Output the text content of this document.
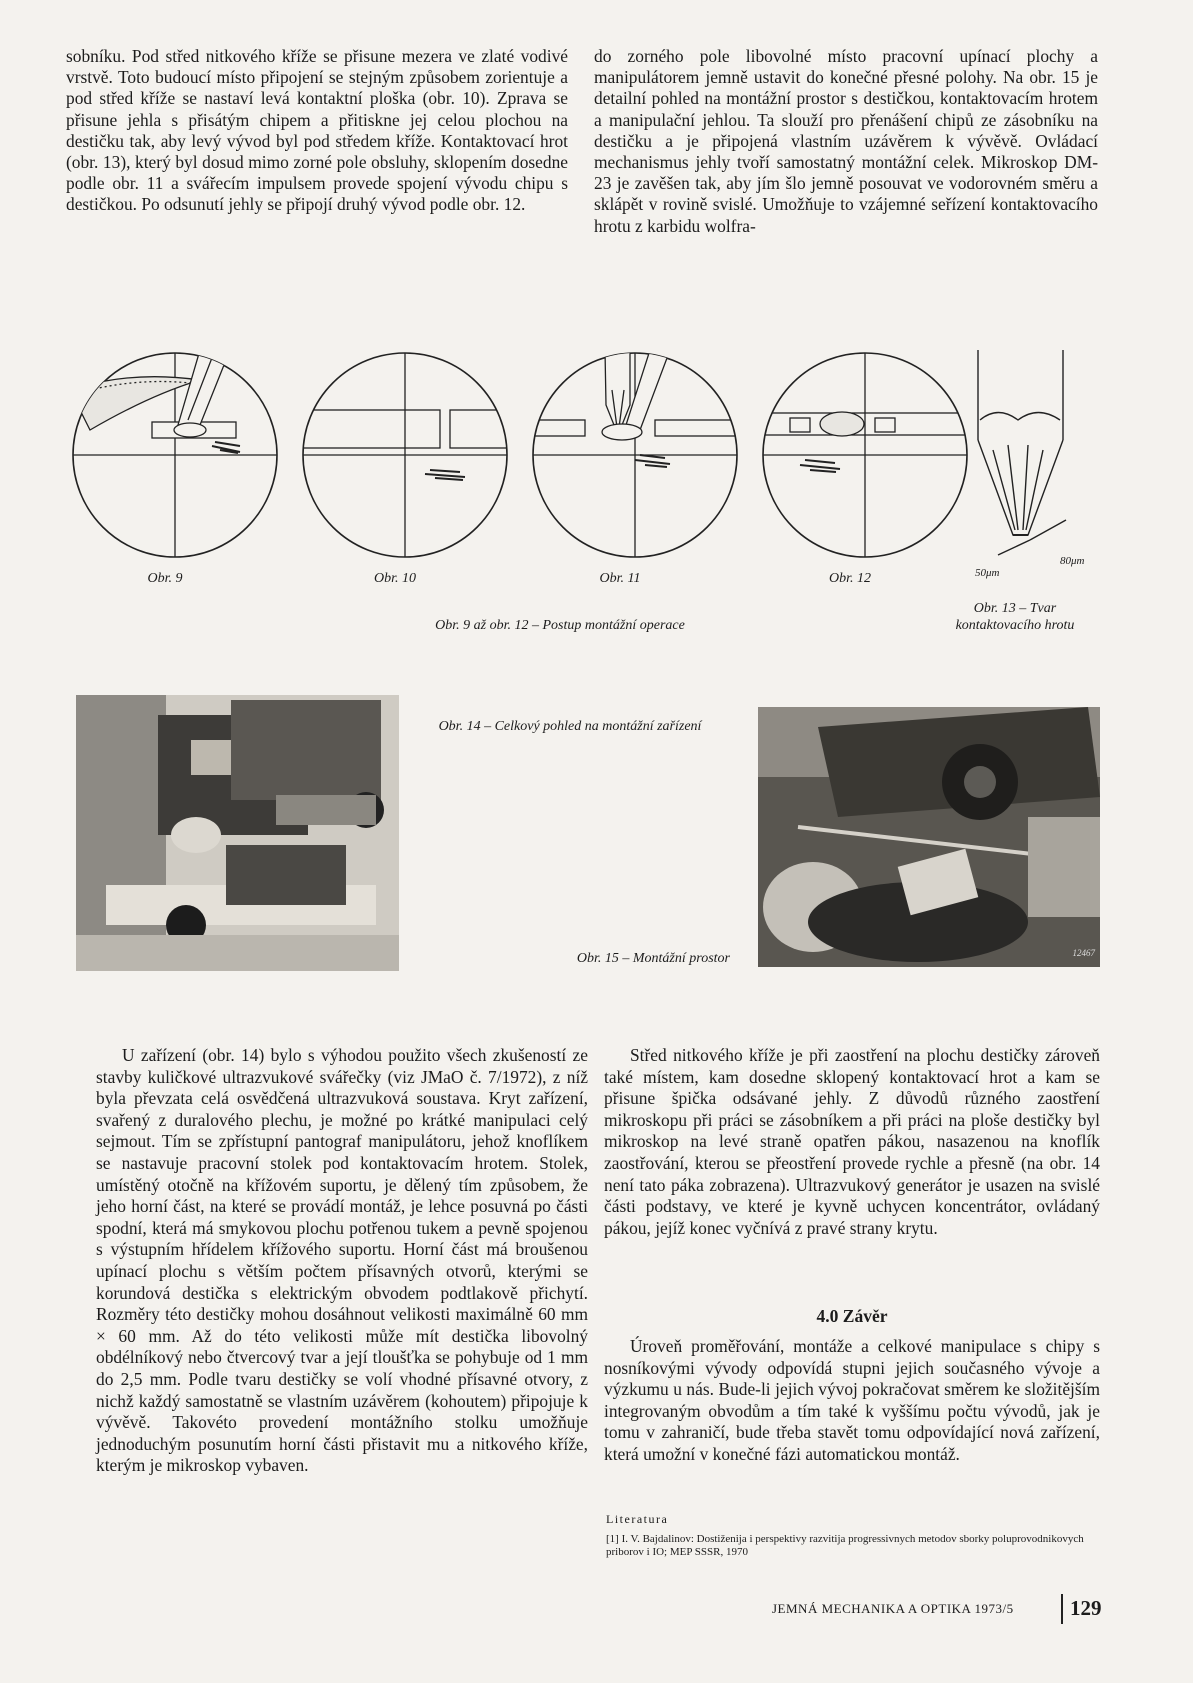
sobníku. Pod střed nitkového kříže se přisune mezera ve zlaté vodivé vrstvě. Toto budoucí místo připojení se stejným způsobem zorientuje a pod střed kříže se nastaví levá kontaktní ploška (obr. 10). Zprava se přisune jehla s přisátým chipem a přitiskne jej celou plochou na destičku tak, aby levý vývod byl pod středem kříže. Kontaktovací hrot (obr. 13), který byl dosud mimo zorné pole obsluhy, sklopením dosedne podle obr. 11 a svářecím impulsem provede spojení vývodu chipu s destičkou. Po odsunutí jehly se připojí druhý vývod podle obr. 12.

do zorného pole libovolné místo pracovní upínací plochy a manipulátorem jemně ustavit do konečné přesné polohy. Na obr. 15 je detailní pohled na montážní prostor s destičkou, kontaktovacím hrotem a manipulační jehlou. Ta slouží pro přenášení chipů ze zásobníku na destičku a je připojená vlastním uzávěrem k vývěvě. Ovládací mechanismus jehly tvoří samostatný montážní celek. Mikroskop DM-23 je zavěšen tak, aby jím šlo jemně posouvat ve vodorovném směru a sklápět v rovině svislé. Umožňuje to vzájemné seřízení kontaktovacího hrotu z karbidu wolfra-

50μm
80μm
Obr. 9	Obr. 10	Obr. 11	Obr. 12
Obr. 9 až obr. 12 – Postup montážní operace
Obr. 13 – Tvar kontaktovacího hrotu
Obr. 14 – Celkový pohled na montážní zařízení
12467
Obr. 15 – Montážní prostor

U zařízení (obr. 14) bylo s výhodou použito všech zkušeností ze stavby kuličkové ultrazvukové svářečky (viz JMaO č. 7/1972), z níž byla převzata celá osvědčená ultrazvuková soustava. Kryt zařízení, svařený z duralového plechu, je možné po krátké manipulaci celý sejmout. Tím se zpřístupní pantograf manipulátoru, jehož knoflíkem se nastavuje pracovní stolek pod kontaktovacím hrotem. Stolek, umístěný otočně na křížovém suportu, je dělený tím způsobem, že jeho horní část, na které se provádí montáž, je lehce posuvná po části spodní, která má smykovou plochu potřenou tukem a pevně spojenou s výstupním hřídelem křížového suportu. Horní část má broušenou upínací plochu s větším počtem přísavných otvorů, kterými se korundová destička s elektrickým obvodem podtlakově přichytí. Rozměry této destičky mohou dosáhnout velikosti maximálně 60 mm × 60 mm. Až do této velikosti může mít destička libovolný obdélníkový nebo čtvercový tvar a její tloušťka se pohybuje od 1 mm do 2,5 mm. Podle tvaru destičky se volí vhodné přísavné otvory, z nichž každý samostatně se vlastním uzávěrem (kohoutem) připojuje k vývěvě. Takovéto provedení montážního stolku umožňuje jednoduchým posunutím horní části přistavit mu a nitkového kříže, kterým je mikroskop vybaven.

Střed nitkového kříže je při zaostření na plochu destičky zároveň také místem, kam dosedne sklopený kontaktovací hrot a kam se přisune špička odsávané jehly. Z důvodů různého zaostření mikroskopu při práci se zásobníkem a při práci na ploše destičky byl mikroskop na levé straně opatřen pákou, nasazenou na knoflík zaostřování, kterou se přeostření provede rychle a přesně (na obr. 14 není tato páka zobrazena). Ultrazvukový generátor je usazen na svislé části podstavy, ve které je kyvně uchycen koncentrátor, ovládaný pákou, jejíž konec vyčnívá z pravé strany krytu.

4.0 Závěr

Úroveň proměřování, montáže a celkové manipulace s chipy s nosníkovými vývody odpovídá stupni jejich současného vývoje a výzkumu u nás. Bude-li jejich vývoj pokračovat směrem ke složitějším integrovaným obvodům a tím také k vyššímu počtu vývodů, jak je tomu v zahraničí, bude třeba stavět tomu odpovídající nová zařízení, která umožní v konečné fázi automatickou montáž.

Literatura
[1] I. V. Bajdalinov: Dostiženija i perspektivy razvitija progressivnych metodov sborky poluprovodnikovych priborov i IO; MEP SSSR, 1970
JEMNÁ MECHANIKA A OPTIKA 1973/5	129
